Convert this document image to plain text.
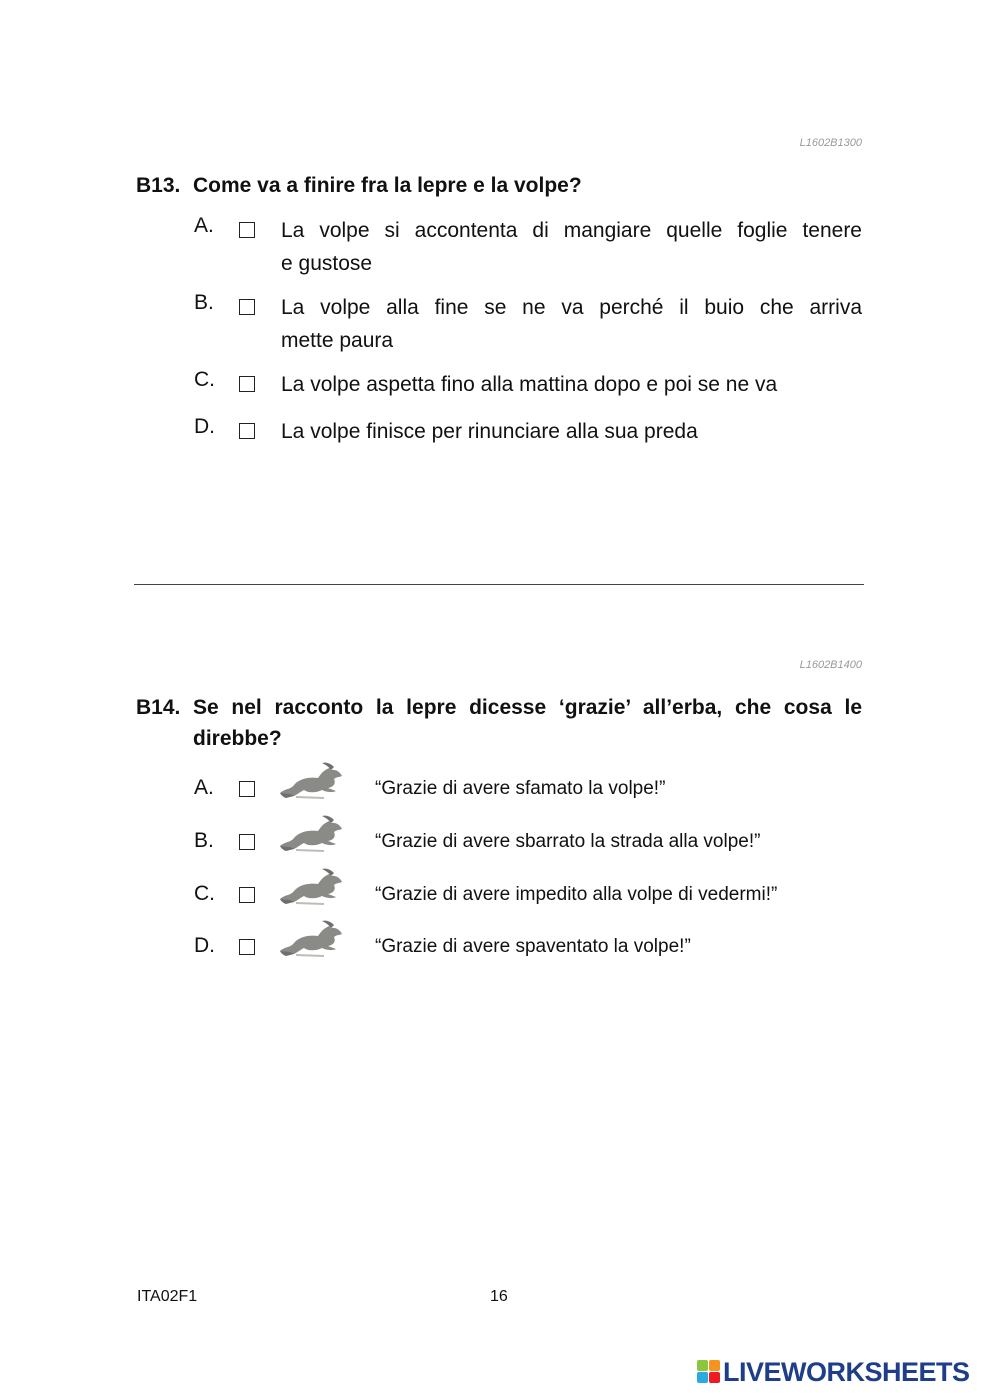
L1602B1300
B13. Come va a finire fra la lepre e la volpe?
A.	La volpe si accontenta di mangiare quelle foglie tenere
e gustose
B.	La volpe alla fine se ne va perché il buio che arriva
mette paura
C.	La volpe aspetta fino alla mattina dopo e poi se ne va
D.	La volpe finisce per rinunciare alla sua preda
L1602B1400
B14. Se nel racconto la lepre dicesse ‘grazie’ all’erba, che cosa le
direbbe?
A.	“Grazie di avere sfamato la volpe!”
B.	“Grazie di avere sbarrato la strada alla volpe!”
C.	“Grazie di avere impedito alla volpe di vedermi!”
D.	“Grazie di avere spaventato la volpe!”
ITA02F1	16
LIVEWORKSHEETS
